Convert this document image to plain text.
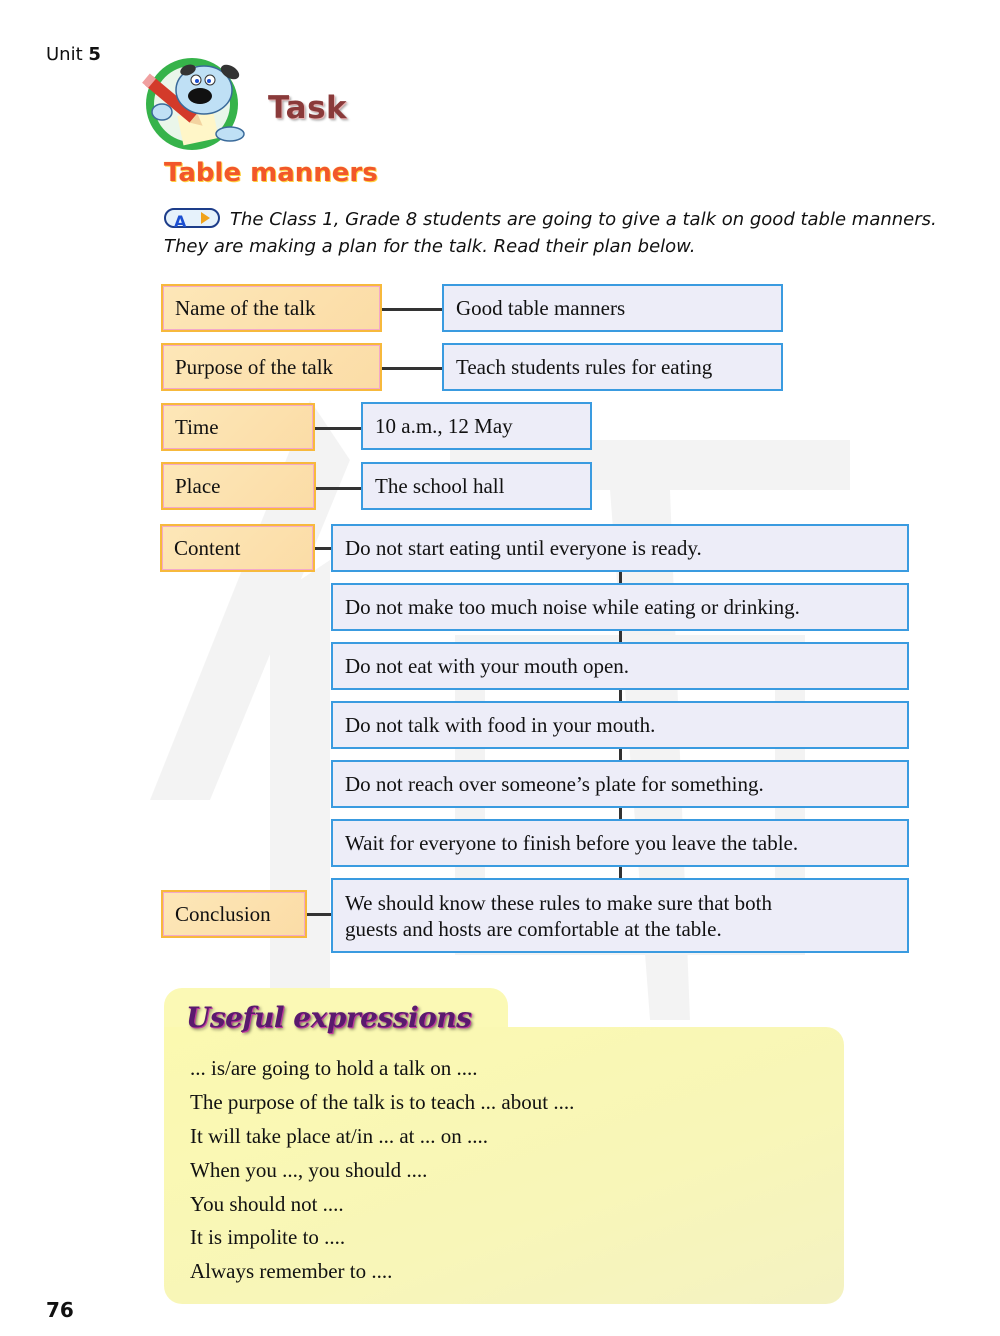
Unit 5
Task
Table manners
A The Class 1, Grade 8 students are going to give a talk on good table manners. They are making a plan for the talk. Read their plan below.
Name of the talk	Good table manners
Purpose of the talk	Teach students rules for eating
Time	10 a.m., 12 May
Place	The school hall
Content	Do not start eating until everyone is ready.
Do not make too much noise while eating or drinking.
Do not eat with your mouth open.
Do not talk with food in your mouth.
Do not reach over someone’s plate for something.
Wait for everyone to finish before you leave the table.
Conclusion	We should know these rules to make sure that both
guests and hosts are comfortable at the table.
Useful expressions
... is/are going to hold a talk on ....
The purpose of the talk is to teach ... about ....
It will take place at/in ... at ... on ....
When you ..., you should ....
You should not ....
It is impolite to ....
Always remember to ....
76
